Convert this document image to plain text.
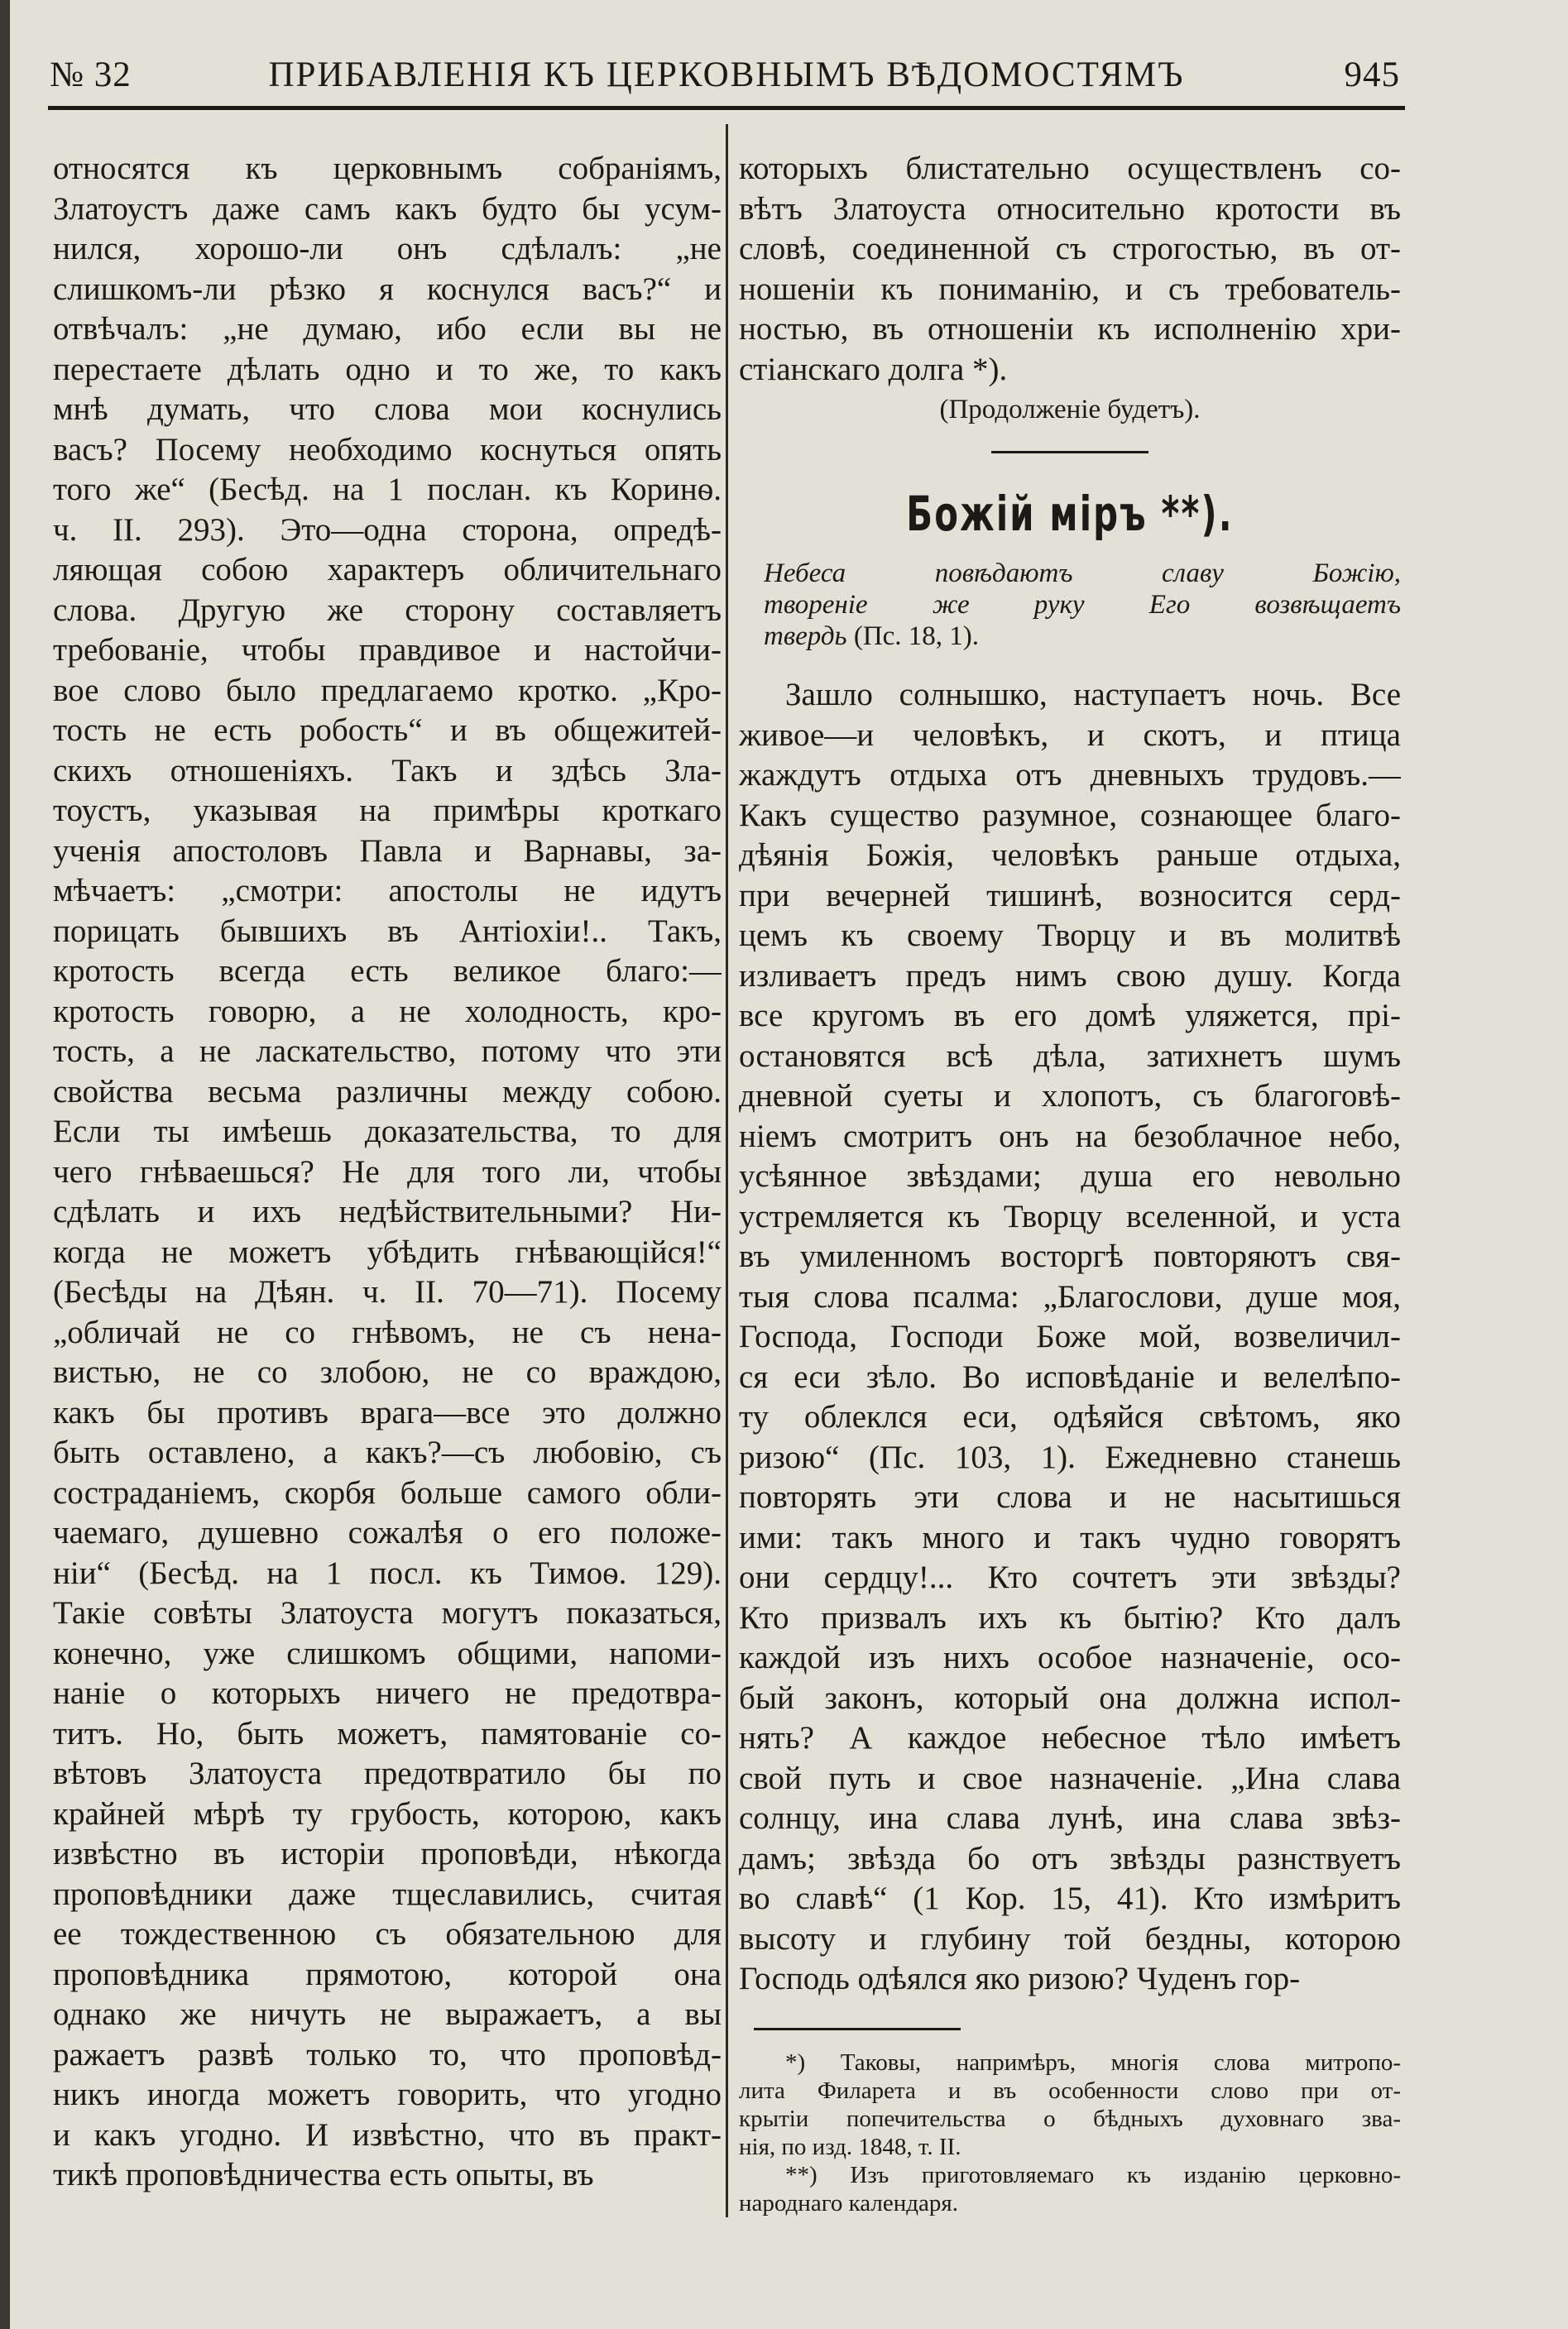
№ 32	ПРИБАВЛЕНІЯ КЪ ЦЕРКОВНЫМЪ ВѢДОМОСТЯМЪ	945
относятся къ церковнымъ собраніямъ,
Златоустъ даже самъ какъ будто бы усум-
нился, хорошо-ли онъ сдѣлалъ: „не
слишкомъ-ли рѣзко я коснулся васъ?“ и
отвѣчалъ: „не думаю, ибо если вы не
перестаете дѣлать одно и то же, то какъ
мнѣ думать, что слова мои коснулись
васъ? Посему необходимо коснуться опять
того же“ (Бесѣд. на 1 послан. къ Коринѳ.
ч. II. 293). Это—одна сторона, опредѣ-
ляющая собою характеръ обличительнаго
слова. Другую же сторону составляетъ
требованіе, чтобы правдивое и настойчи-
вое слово было предлагаемо кротко. „Кро-
тость не есть робость“ и въ общежитей-
скихъ отношеніяхъ. Такъ и здѣсь Зла-
тоустъ, указывая на примѣры кроткаго
ученія апостоловъ Павла и Варнавы, за-
мѣчаетъ: „смотри: апостолы не идутъ
порицать бывшихъ въ Антіохіи!.. Такъ,
кротость всегда есть великое благо:—
кротость говорю, а не холодность, кро-
тость, а не ласкательство, потому что эти
свойства весьма различны между собою.
Если ты имѣешь доказательства, то для
чего гнѣваешься? Не для того ли, чтобы
сдѣлать и ихъ недѣйствительными? Ни-
когда не можетъ убѣдить гнѣвающійся!“
(Бесѣды на Дѣян. ч. II. 70—71). Посему
„обличай не со гнѣвомъ, не съ нена-
вистью, не со злобою, не со враждою,
какъ бы противъ врага—все это должно
быть оставлено, а какъ?—съ любовію, съ
состраданіемъ, скорбя больше самого обли-
чаемаго, душевно сожалѣя о его положе-
ніи“ (Бесѣд. на 1 посл. къ Тимоѳ. 129).
Такіе совѣты Златоуста могутъ показаться,
конечно, уже слишкомъ общими, напоми-
наніе о которыхъ ничего не предотвра-
титъ. Но, быть можетъ, памятованіе со-
вѣтовъ Златоуста предотвратило бы по
крайней мѣрѣ ту грубость, которою, какъ
извѣстно въ исторіи проповѣди, нѣкогда
проповѣдники даже тщеславились, считая
ее тождественною съ обязательною для
проповѣдника прямотою, которой она
однако же ничуть не выражаетъ, а вы
ражаетъ развѣ только то, что проповѣд-
никъ иногда можетъ говорить, что угодно
и какъ угодно. И извѣстно, что въ практ-
тикѣ проповѣдничества есть опыты, въ
которыхъ блистательно осуществленъ со-
вѣтъ Златоуста относительно кротости въ
словѣ, соединенной съ строгостью, въ от-
ношеніи къ пониманію, и съ требователь-
ностью, въ отношеніи къ исполненію хри-
стіанскаго долга *).
(Продолженіе будетъ).
Божій міръ **).
Небеса повѣдаютъ славу Божію,
твореніе же руку Его возвѣщаетъ
твердь (Пс. 18, 1).
Зашло солнышко, наступаетъ ночь. Все
живое—и человѣкъ, и скотъ, и птица
жаждутъ отдыха отъ дневныхъ трудовъ.—
Какъ существо разумное, сознающее благо-
дѣянія Божія, человѣкъ раньше отдыха,
при вечерней тишинѣ, возносится серд-
цемъ къ своему Творцу и въ молитвѣ
изливаетъ предъ нимъ свою душу. Когда
все кругомъ въ его домѣ уляжется, прі-
остановятся всѣ дѣла, затихнетъ шумъ
дневной суеты и хлопотъ, съ благоговѣ-
ніемъ смотритъ онъ на безоблачное небо,
усѣянное звѣздами; душа его невольно
устремляется къ Творцу вселенной, и уста
въ умиленномъ восторгѣ повторяютъ свя-
тыя слова псалма: „Благослови, душе моя,
Господа, Господи Боже мой, возвеличил-
ся еси зѣло. Во исповѣданіе и велелѣпо-
ту облеклся еси, одѣяйся свѣтомъ, яко
ризою“ (Пс. 103, 1). Ежедневно станешь
повторять эти слова и не насытишься
ими: такъ много и такъ чудно говорятъ
они сердцу!... Кто сочтетъ эти звѣзды?
Кто призвалъ ихъ къ бытію? Кто далъ
каждой изъ нихъ особое назначеніе, осо-
бый законъ, который она должна испол-
нять? А каждое небесное тѣло имѣетъ
свой путь и свое назначеніе. „Ина слава
солнцу, ина слава лунѣ, ина слава звѣз-
дамъ; звѣзда бо отъ звѣзды разнствуетъ
во славѣ“ (1 Кор. 15, 41). Кто измѣритъ
высоту и глубину той бездны, которою
Господь одѣялся яко ризою? Чуденъ гор-
*) Таковы, напримѣръ, многія слова митропо-
лита Филарета и въ особенности слово при от-
крытіи попечительства о бѣдныхъ духовнаго зва-
нія, по изд. 1848, т. II.
**) Изъ приготовляемаго къ изданію церковно-
народнаго календаря.
